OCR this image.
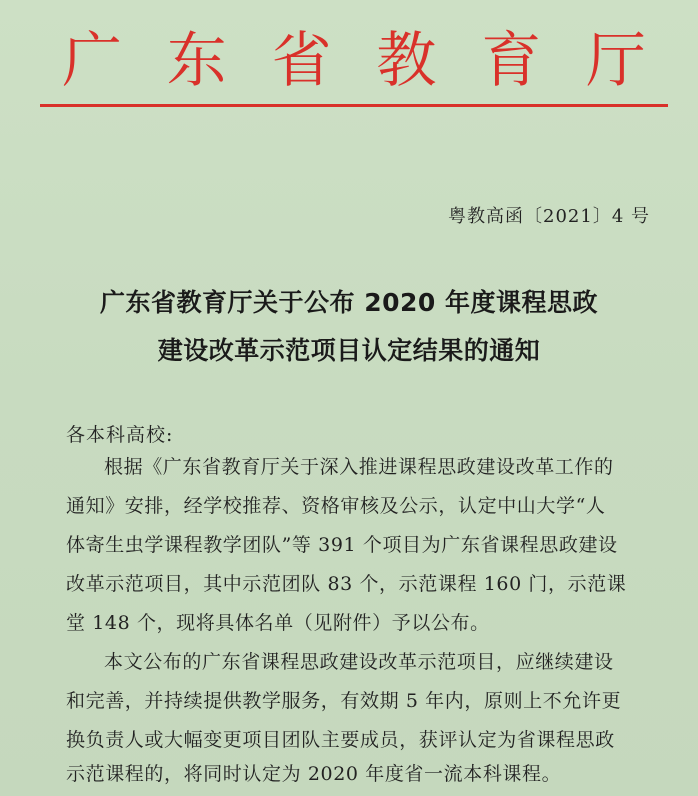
广 东 省 教 育 厅
粤教高函〔2021〕4 号
广东省教育厅关于公布 2020 年度课程思政
建设改革示范项目认定结果的通知
各本科高校:
根据《广东省教育厅关于深入推进课程思政建设改革工作的
通知》安排，经学校推荐、资格审核及公示，认定中山大学“人
体寄生虫学课程教学团队”等 391 个项目为广东省课程思政建设
改革示范项目，其中示范团队 83 个，示范课程 160 门，示范课
堂 148 个，现将具体名单（见附件）予以公布。
本文公布的广东省课程思政建设改革示范项目，应继续建设
和完善，并持续提供教学服务，有效期 5 年内，原则上不允许更
换负责人或大幅变更项目团队主要成员，获评认定为省课程思政
示范课程的，将同时认定为 2020 年度省一流本科课程。
